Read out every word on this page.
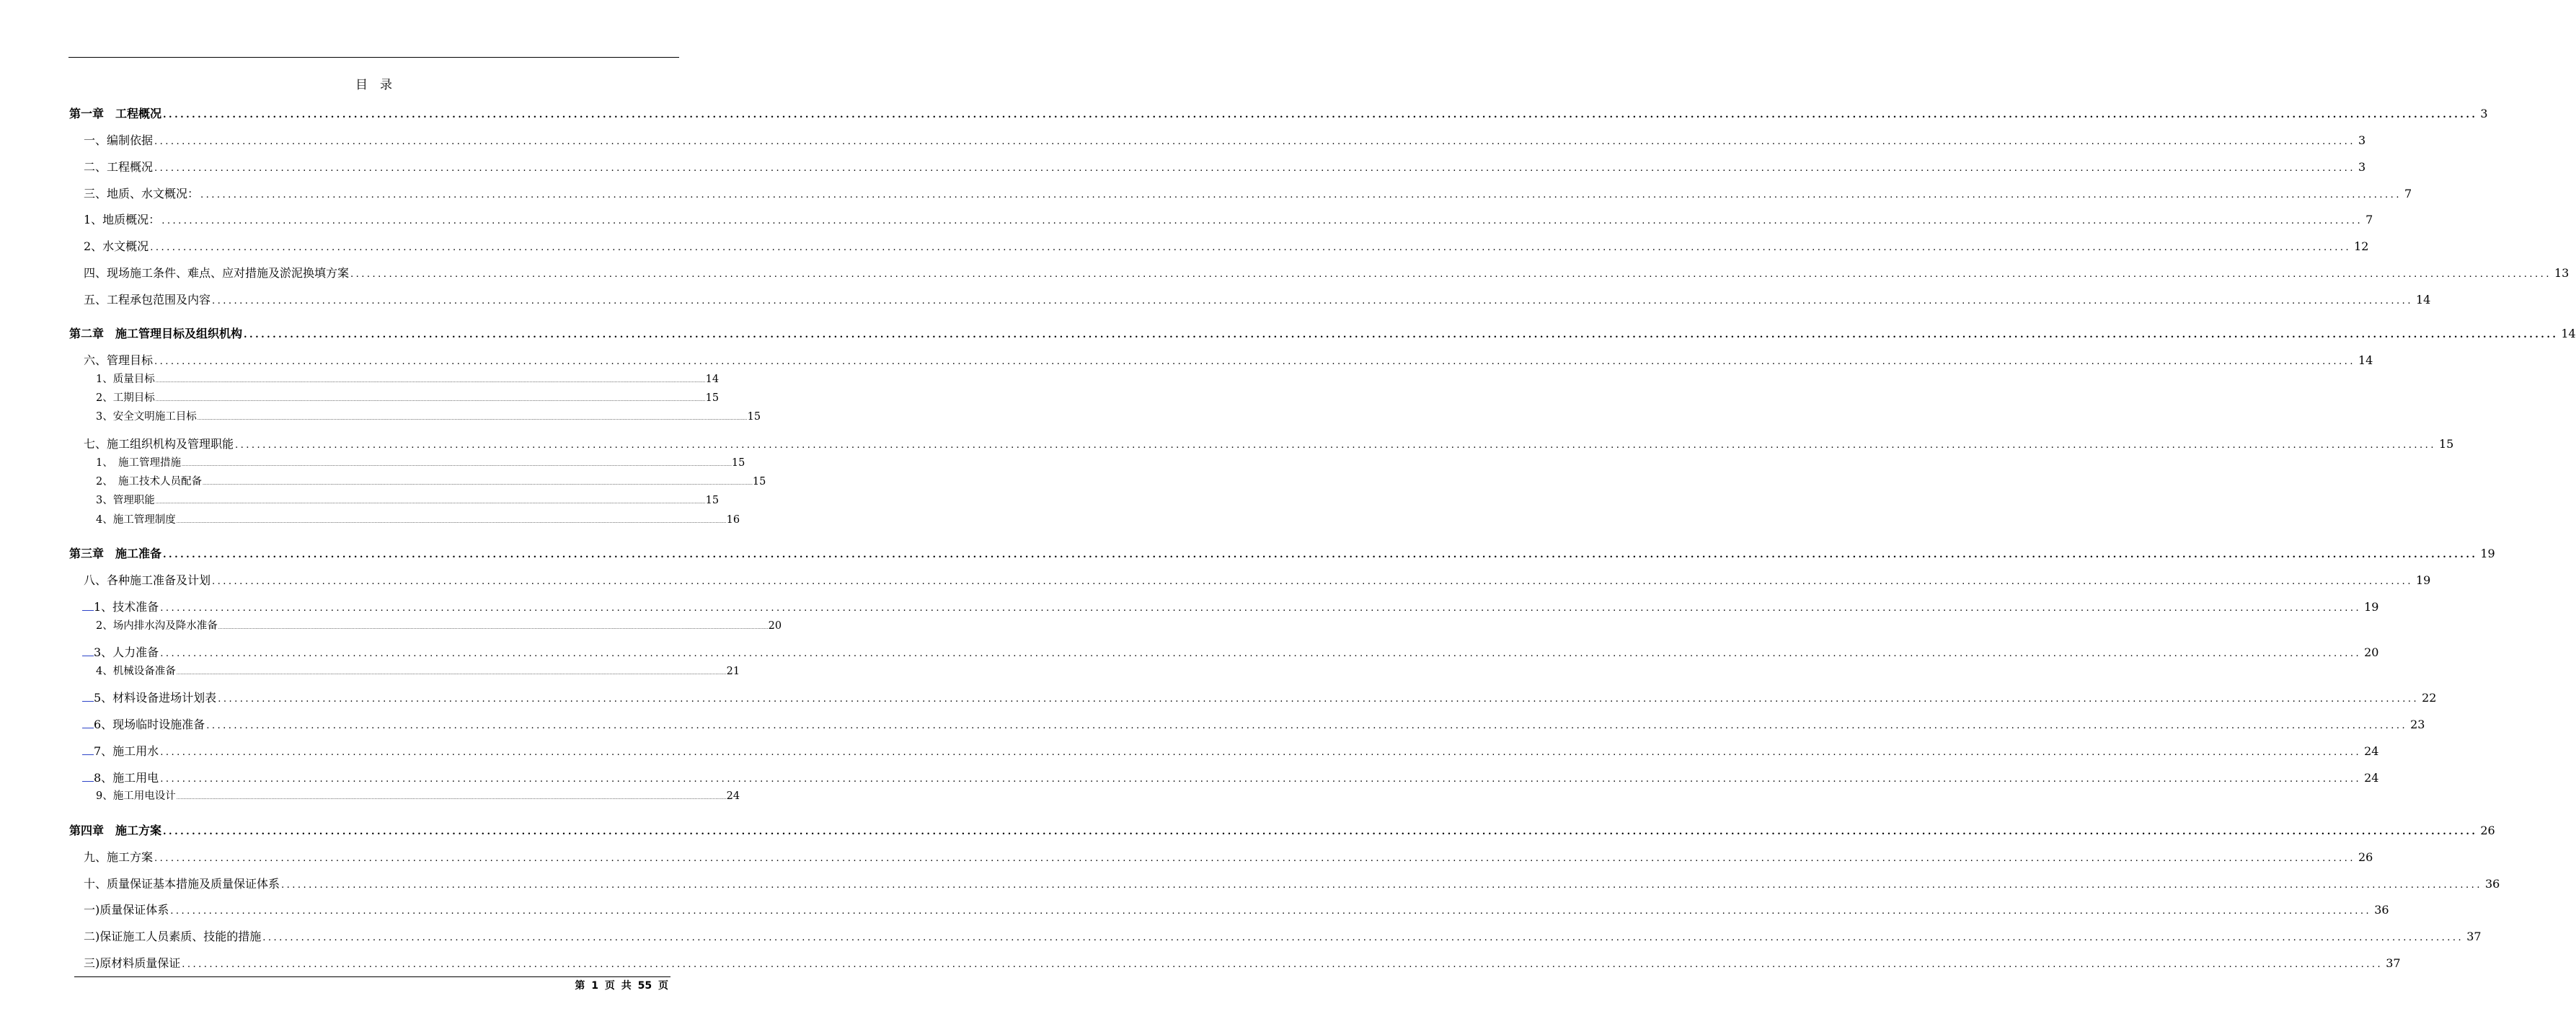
目　录
第一章　工程概况 ................................................................................................................................................................................................................................................................................................................................................................................................................ 3
一、编制依据 ................................................................................................................................................................................................................................................................................................................................................................................................................ 3
二、工程概况 ................................................................................................................................................................................................................................................................................................................................................................................................................ 3
三、地质、水文概况： ................................................................................................................................................................................................................................................................................................................................................................................................................ 7
1、地质概况： ................................................................................................................................................................................................................................................................................................................................................................................................................ 7
2、水文概况 ................................................................................................................................................................................................................................................................................................................................................................................................................ 12
四、现场施工条件、难点、应对措施及淤泥换填方案 ................................................................................................................................................................................................................................................................................................................................................................................................................ 13
五、工程承包范围及内容 ................................................................................................................................................................................................................................................................................................................................................................................................................ 14
第二章　施工管理目标及组织机构 ................................................................................................................................................................................................................................................................................................................................................................................................................ 14
六、管理目标 ................................................................................................................................................................................................................................................................................................................................................................................................................ 14
1、质量目标 ................................................................................................................................................................................................................................................................................................................................................................................................................ 14
2、工期目标 ................................................................................................................................................................................................................................................................................................................................................................................................................ 15
3、安全文明施工目标 ................................................................................................................................................................................................................................................................................................................................................................................................................ 15
七、施工组织机构及管理职能 ................................................................................................................................................................................................................................................................................................................................................................................................................ 15
1、　施工管理措施 ................................................................................................................................................................................................................................................................................................................................................................................................................ 15
2、　施工技术人员配备 ................................................................................................................................................................................................................................................................................................................................................................................................................ 15
3、管理职能 ................................................................................................................................................................................................................................................................................................................................................................................................................ 15
4、施工管理制度 ................................................................................................................................................................................................................................................................................................................................................................................................................ 16
第三章　施工准备 ................................................................................................................................................................................................................................................................................................................................................................................................................ 19
八、各种施工准备及计划 ................................................................................................................................................................................................................................................................................................................................................................................................................ 19
1、技术准备 ................................................................................................................................................................................................................................................................................................................................................................................................................ 19
2、场内排水沟及降水准备 ................................................................................................................................................................................................................................................................................................................................................................................................................ 20
3、人力准备 ................................................................................................................................................................................................................................................................................................................................................................................................................ 20
4、机械设备准备 ................................................................................................................................................................................................................................................................................................................................................................................................................ 21
5、材料设备进场计划表 ................................................................................................................................................................................................................................................................................................................................................................................................................ 22
6、现场临时设施准备 ................................................................................................................................................................................................................................................................................................................................................................................................................ 23
7、施工用水 ................................................................................................................................................................................................................................................................................................................................................................................................................ 24
8、施工用电 ................................................................................................................................................................................................................................................................................................................................................................................................................ 24
9、施工用电设计 ................................................................................................................................................................................................................................................................................................................................................................................................................ 24
第四章　施工方案 ................................................................................................................................................................................................................................................................................................................................................................................................................ 26
九、施工方案 ................................................................................................................................................................................................................................................................................................................................................................................................................ 26
十、质量保证基本措施及质量保证体系 ................................................................................................................................................................................................................................................................................................................................................................................................................ 36
一)质量保证体系 ................................................................................................................................................................................................................................................................................................................................................................................................................ 36
二)保证施工人员素质、技能的措施 ................................................................................................................................................................................................................................................................................................................................................................................................................ 37
三)原材料质量保证 ................................................................................................................................................................................................................................................................................................................................................................................................................ 37
第 1 页 共 55 页
